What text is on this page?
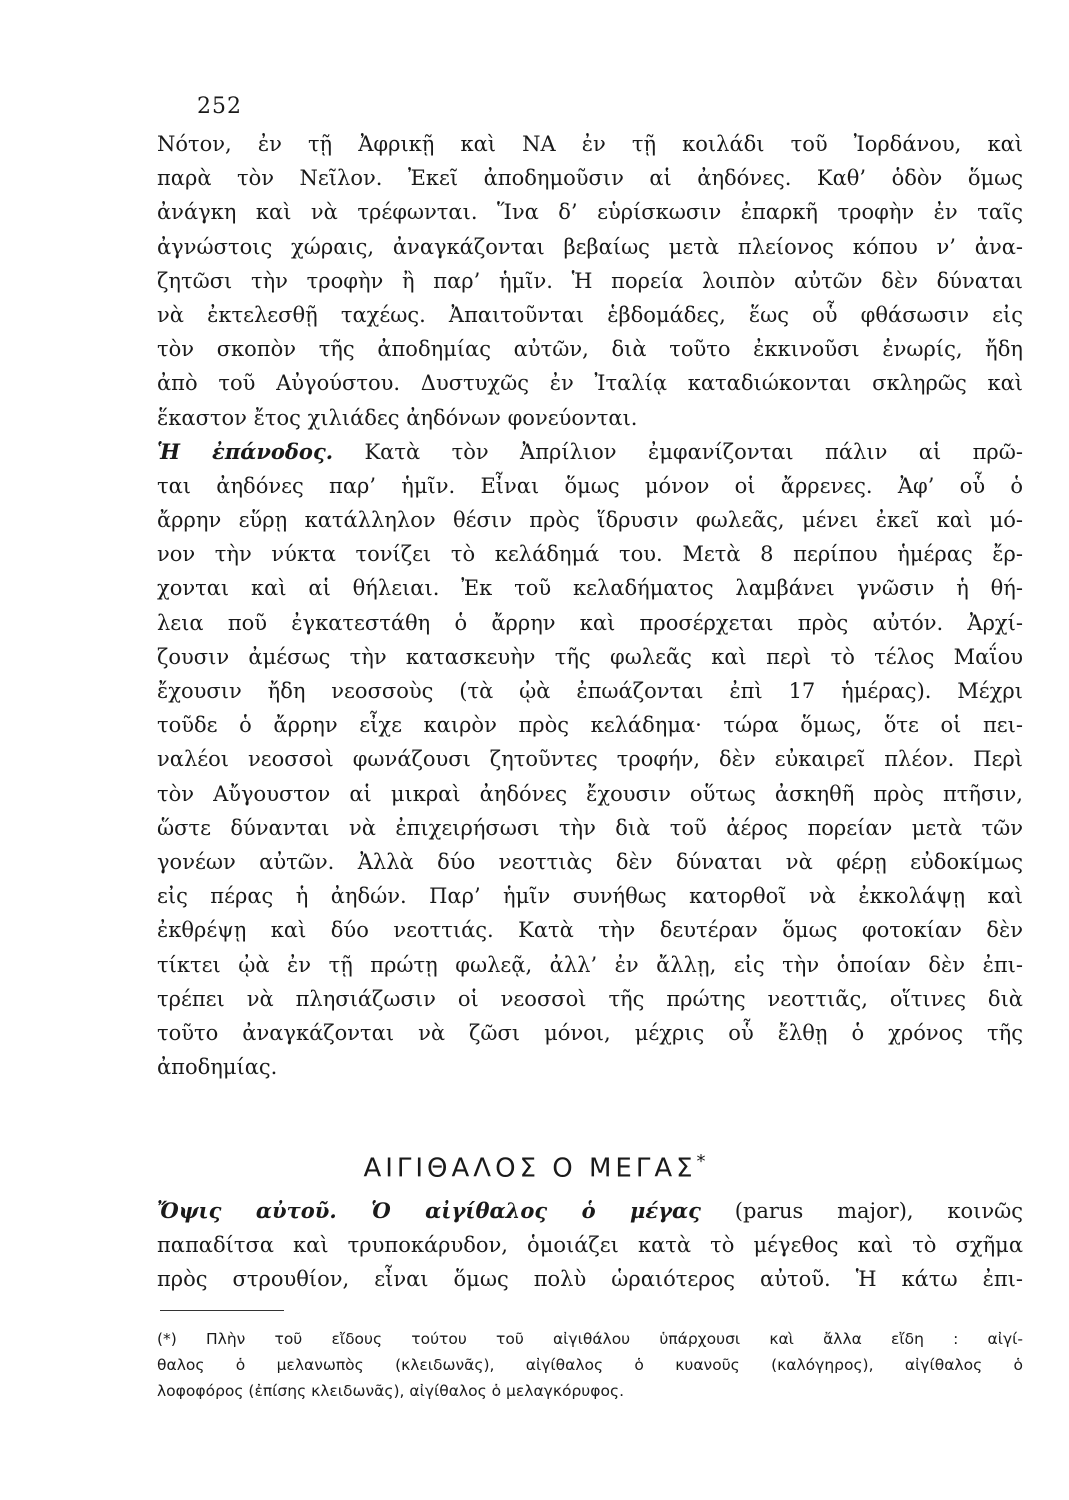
252
Νότον, ἐν τῇ Ἀφρικῇ καὶ ΝΑ ἐν τῇ κοιλάδι τοῦ Ἰορδάνου, καὶ
παρὰ τὸν Νεῖλον. Ἐκεῖ ἀποδημοῦσιν αἱ ἀηδόνες. Καθ’ ὁδὸν ὅμως
ἀνάγκη καὶ νὰ τρέφωνται. Ἵνα δ’ εὑρίσκωσιν ἐπαρκῆ τροφὴν ἐν ταῖς
ἀγνώστοις χώραις, ἀναγκάζονται βεβαίως μετὰ πλείονος κόπου ν’ ἀνα-
ζητῶσι τὴν τροφὴν ἢ παρ’ ἡμῖν. Ἡ πορεία λοιπὸν αὐτῶν δὲν δύναται
νὰ ἐκτελεσθῇ ταχέως. Ἀπαιτοῦνται ἑβδομάδες, ἕως οὗ φθάσωσιν εἰς
τὸν σκοπὸν τῆς ἀποδημίας αὐτῶν, διὰ τοῦτο ἐκκινοῦσι ἐνωρίς, ἤδη
ἀπὸ τοῦ Αὐγούστου. Δυστυχῶς ἐν Ἰταλίᾳ καταδιώκονται σκληρῶς καὶ
ἕκαστον ἔτος χιλιάδες ἀηδόνων φονεύονται.
Ἡ ἐπάνοδος. Κατὰ τὸν Ἀπρίλιον ἐμφανίζονται πάλιν αἱ πρῶ-
ται ἀηδόνες παρ’ ἡμῖν. Εἶναι ὅμως μόνον οἱ ἄρρενες. Ἀφ’ οὗ ὁ
ἄρρην εὕρῃ κατάλληλον θέσιν πρὸς ἵδρυσιν φωλεᾶς, μένει ἐκεῖ καὶ μό-
νον τὴν νύκτα τονίζει τὸ κελάδημά του. Μετὰ 8 περίπου ἡμέρας ἔρ-
χονται καὶ αἱ θήλειαι. Ἐκ τοῦ κελαδήματος λαμβάνει γνῶσιν ἡ θή-
λεια ποῦ ἐγκατεστάθη ὁ ἄρρην καὶ προσέρχεται πρὸς αὐτόν. Ἀρχί-
ζουσιν ἀμέσως τὴν κατασκευὴν τῆς φωλεᾶς καὶ περὶ τὸ τέλος Μαΐου
ἔχουσιν ἤδη νεοσσοὺς (τὰ ᾠὰ ἐπωάζονται ἐπὶ 17 ἡμέρας). Μέχρι
τοῦδε ὁ ἄρρην εἶχε καιρὸν πρὸς κελάδημα· τώρα ὅμως, ὅτε οἱ πει-
ναλέοι νεοσσοὶ φωνάζουσι ζητοῦντες τροφήν, δὲν εὐκαιρεῖ πλέον. Περὶ
τὸν Αὔγουστον αἱ μικραὶ ἀηδόνες ἔχουσιν οὕτως ἀσκηθῆ πρὸς πτῆσιν,
ὥστε δύνανται νὰ ἐπιχειρήσωσι τὴν διὰ τοῦ ἀέρος πορείαν μετὰ τῶν
γονέων αὐτῶν. Ἀλλὰ δύο νεοττιὰς δὲν δύναται νὰ φέρῃ εὐδοκίμως
εἰς πέρας ἡ ἀηδών. Παρ’ ἡμῖν συνήθως κατορθοῖ νὰ ἐκκολάψῃ καὶ
ἐκθρέψῃ καὶ δύο νεοττιάς. Κατὰ τὴν δευτέραν ὅμως φοτοκίαν δὲν
τίκτει ᾠὰ ἐν τῇ πρώτῃ φωλεᾷ, ἀλλ’ ἐν ἄλλῃ, εἰς τὴν ὁποίαν δὲν ἐπι-
τρέπει νὰ πλησιάζωσιν οἱ νεοσσοὶ τῆς πρώτης νεοττιᾶς, οἵτινες διὰ
τοῦτο ἀναγκάζονται νὰ ζῶσι μόνοι, μέχρις οὗ ἔλθῃ ὁ χρόνος τῆς
ἀποδημίας.
ΑΙΓΙΘΑΛΟΣ Ο ΜΕΓΑΣ*
Ὄψις αὐτοῦ. Ὁ αἰγίθαλος ὁ μέγας (parus major), κοινῶς
παπαδίτσα καὶ τρυποκάρυδον, ὁμοιάζει κατὰ τὸ μέγεθος καὶ τὸ σχῆμα
πρὸς στρουθίον, εἶναι ὅμως πολὺ ὡραιότερος αὐτοῦ. Ἡ κάτω ἐπι-
(*) Πλὴν τοῦ εἴδους τούτου τοῦ αἰγιθάλου ὑπάρχουσι καὶ ἄλλα εἴδη : αἰγί-
θαλος ὁ μελανωπὸς (κλειδωνᾶς), αἰγίθαλος ὁ κυανοῦς (καλόγηρος), αἰγίθαλος ὁ
λοφοφόρος (ἐπίσης κλειδωνᾶς), αἰγίθαλος ὁ μελαγκόρυφος.
